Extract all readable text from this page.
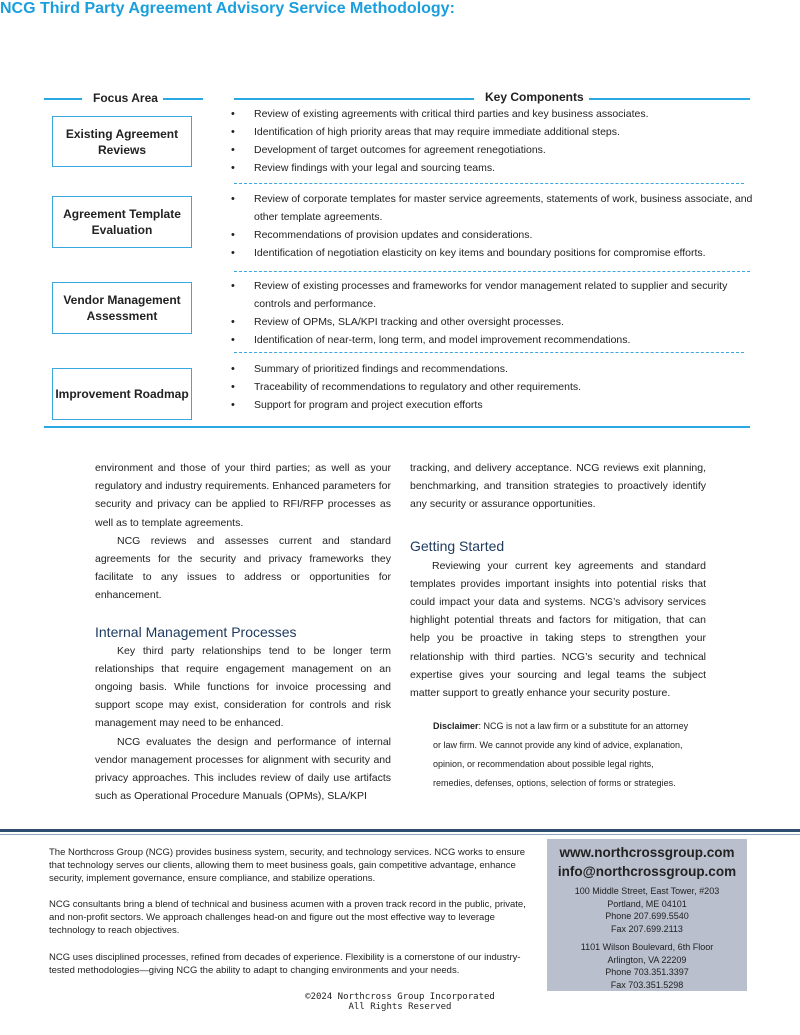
NCG Third Party Agreement Advisory Service Methodology:
Focus Area	Key Components
Existing Agreement Reviews
• Review of existing agreements with critical third parties and key business associates.
• Identification of high priority areas that may require immediate additional steps.
• Development of target outcomes for agreement renegotiations.
• Review findings with your legal and sourcing teams.
Agreement Template Evaluation
• Review of corporate templates for master service agreements, statements of work, business associate, and other template agreements.
• Recommendations of provision updates and considerations.
• Identification of negotiation elasticity on key items and boundary positions for compromise efforts.
Vendor Management Assessment
• Review of existing processes and frameworks for vendor management related to supplier and security controls and performance.
• Review of OPMs, SLA/KPI tracking and other oversight processes.
• Identification of near-term, long term, and model improvement recommendations.
Improvement Roadmap
• Summary of prioritized findings and recommendations.
• Traceability of recommendations to regulatory and other requirements.
• Support for program and project execution efforts

environment and those of your third parties; as well as your regulatory and industry requirements. Enhanced parameters for security and privacy can be applied to RFI/RFP processes as well as to template agreements.

NCG reviews and assesses current and standard agreements for the security and privacy frameworks they facilitate to any issues to address or opportunities for enhancement.

Internal Management Processes

Key third party relationships tend to be longer term relationships that require engagement management on an ongoing basis. While functions for invoice processing and support scope may exist, consideration for controls and risk management may need to be enhanced.

NCG evaluates the design and performance of internal vendor management processes for alignment with security and privacy approaches. This includes review of daily use artifacts such as Operational Procedure Manuals (OPMs), SLA/KPI

tracking, and delivery acceptance. NCG reviews exit planning, benchmarking, and transition strategies to proactively identify any security or assurance opportunities.

Getting Started

Reviewing your current key agreements and standard templates provides important insights into potential risks that could impact your data and systems. NCG’s advisory services highlight potential threats and factors for mitigation, that can help you be proactive in taking steps to strengthen your relationship with third parties. NCG’s security and technical expertise gives your sourcing and legal teams the subject matter support to greatly enhance your security posture.

Disclaimer: NCG is not a law firm or a substitute for an attorney or law firm. We cannot provide any kind of advice, explanation, opinion, or recommendation about possible legal rights, remedies, defenses, options, selection of forms or strategies.

The Northcross Group (NCG) provides business system, security, and technology services. NCG works to ensure that technology serves our clients, allowing them to meet business goals, gain competitive advantage, enhance security, implement governance, ensure compliance, and stabilize operations.

NCG consultants bring a blend of technical and business acumen with a proven track record in the public, private, and non-profit sectors. We approach challenges head-on and figure out the most effective way to leverage technology to reach objectives.

NCG uses disciplined processes, refined from decades of experience. Flexibility is a cornerstone of our industry-tested methodologies—giving NCG the ability to adapt to changing environments and your needs.

www.northcrossgroup.com
info@northcrossgroup.com
100 Middle Street, East Tower, #203
Portland, ME 04101
Phone 207.699.5540
Fax 207.699.2113
1101 Wilson Boulevard, 6th Floor
Arlington, VA 22209
Phone 703.351.3397
Fax 703.351.5298
©2024 Northcross Group Incorporated
All Rights Reserved
